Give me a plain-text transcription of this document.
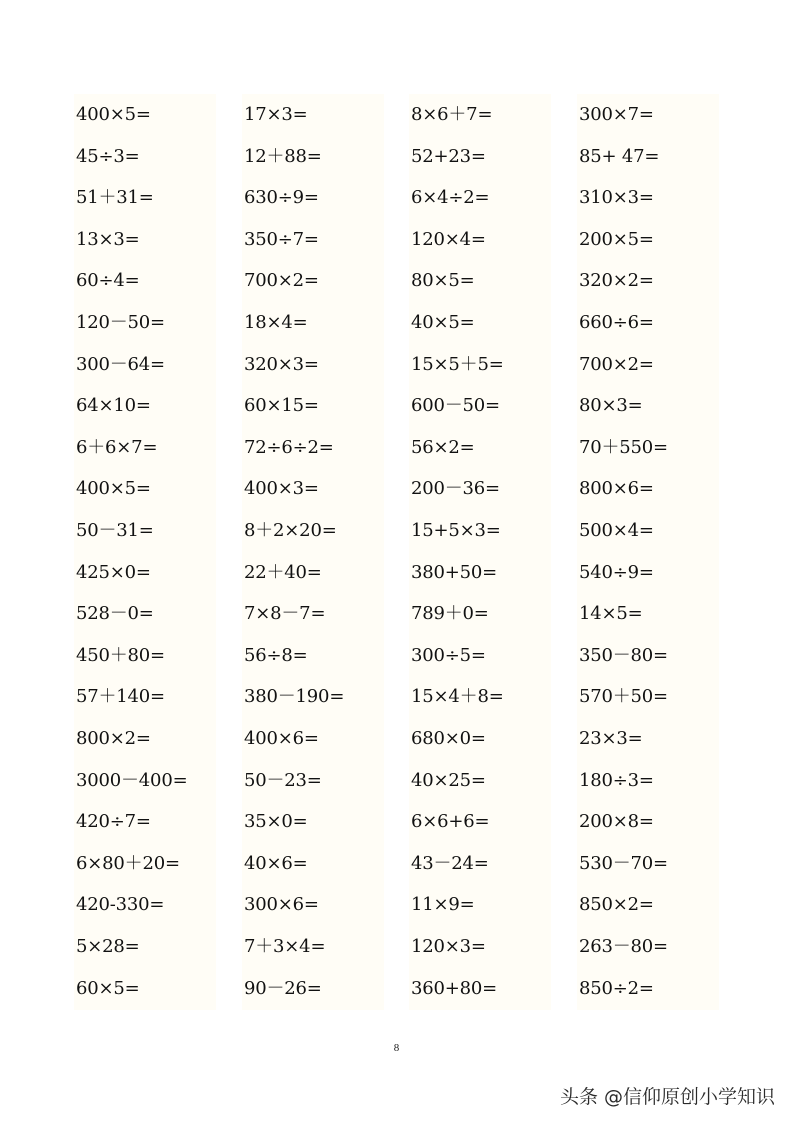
400×5=
45÷3=
51＋31=
13×3=
60÷4=
120－50=
300－64=
64×10=
6＋6×7=
400×5=
50－31=
425×0=
528－0=
450＋80=
57＋140=
800×2=
3000－400=
420÷7=
6×80＋20=
420-330=
5×28=
60×5=
17×3=
12＋88=
630÷9=
350÷7=
700×2=
18×4=
320×3=
60×15=
72÷6÷2=
400×3=
8＋2×20=
22＋40=
7×8－7=
56÷8=
380－190=
400×6=
50－23=
35×0=
40×6=
300×6=
7＋3×4=
90－26=
8×6＋7=
52+23=
6×4÷2=
120×4=
80×5=
40×5=
15×5＋5=
600－50=
56×2=
200－36=
15+5×3=
380+50=
789＋0=
300÷5=
15×4＋8=
680×0=
40×25=
6×6+6=
43－24=
11×9=
120×3=
360+80=
300×7=
85+ 47=
310×3=
200×5=
320×2=
660÷6=
700×2=
80×3=
70＋550=
800×6=
500×4=
540÷9=
14×5=
350－80=
570＋50=
23×3=
180÷3=
200×8=
530－70=
850×2=
263－80=
850÷2=
8
头条 @信仰原创小学知识
